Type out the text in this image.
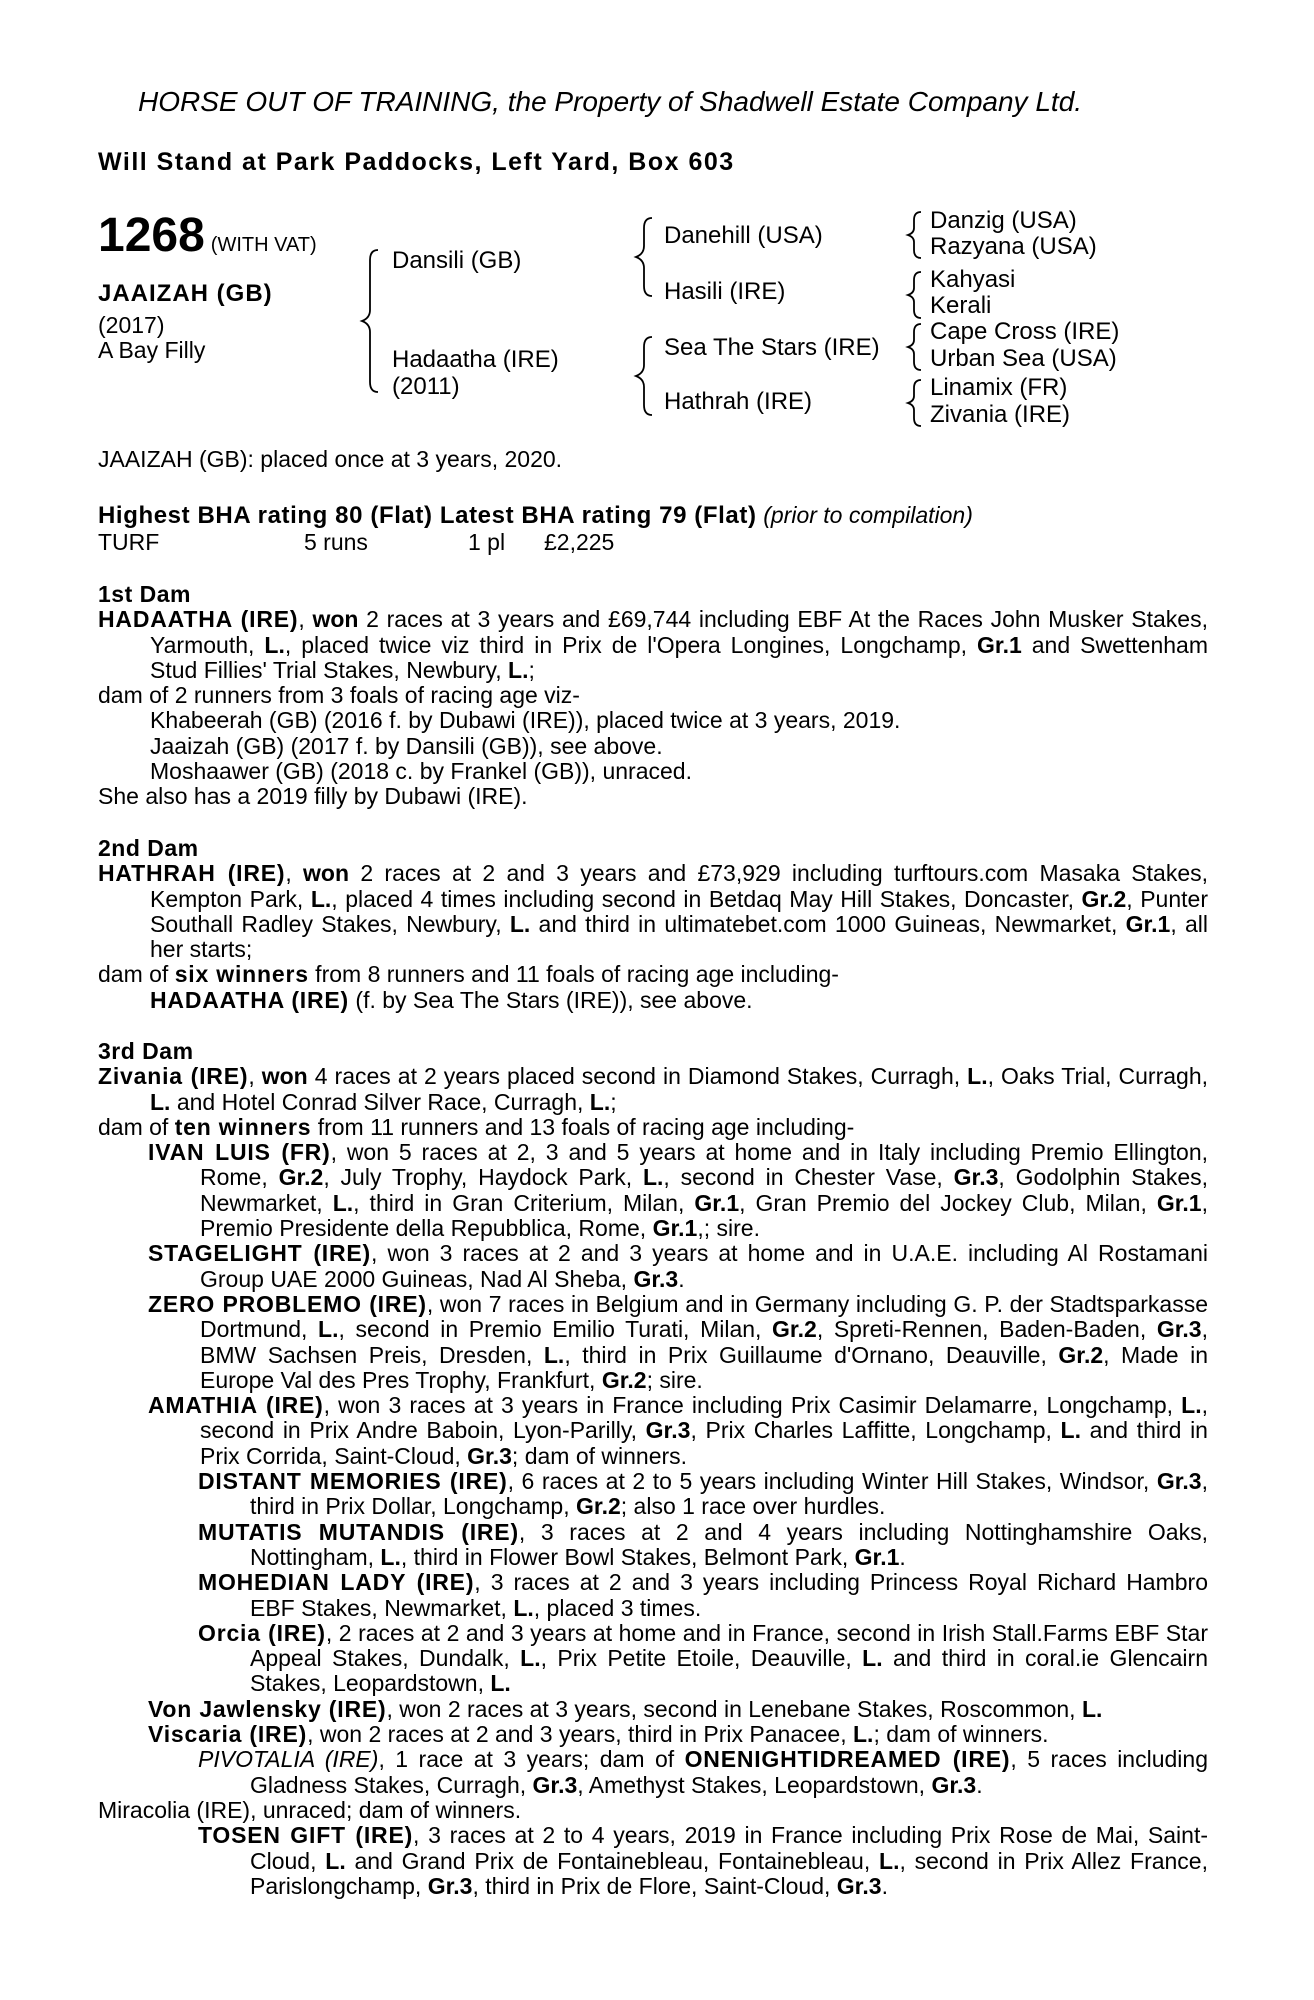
HORSE OUT OF TRAINING, the Property of Shadwell Estate Company Ltd.
Will Stand at Park Paddocks, Left Yard, Box 603
1268 (WITH VAT)
JAAIZAH (GB)
(2017)
A Bay Filly
Dansili (GB)
Hadaatha (IRE)
(2011)
Danehill (USA)
Hasili (IRE)
Sea The Stars (IRE)
Hathrah (IRE)
Danzig (USA)
Razyana (USA)
Kahyasi
Kerali
Cape Cross (IRE)
Urban Sea (USA)
Linamix (FR)
Zivania (IRE)
JAAIZAH (GB): placed once at 3 years, 2020.
Highest BHA rating 80 (Flat) Latest BHA rating 79 (Flat) (prior to compilation)
TURF	5 runs	1 pl £2,225
1st Dam

HADAATHA (IRE), won 2 races at 3 years and £69,744 including EBF At the Races John Musker Stakes, Yarmouth, L., placed twice viz third in Prix de l'Opera Longines, Longchamp, Gr.1 and Swettenham Stud Fillies' Trial Stakes, Newbury, L.;

dam of 2 runners from 3 foals of racing age viz-

Khabeerah (GB) (2016 f. by Dubawi (IRE)), placed twice at 3 years, 2019.

Jaaizah (GB) (2017 f. by Dansili (GB)), see above.

Moshaawer (GB) (2018 c. by Frankel (GB)), unraced.

She also has a 2019 filly by Dubawi (IRE).

2nd Dam

HATHRAH (IRE), won 2 races at 2 and 3 years and £73,929 including turftours.com Masaka Stakes, Kempton Park, L., placed 4 times including second in Betdaq May Hill Stakes, Doncaster, Gr.2, Punter Southall Radley Stakes, Newbury, L. and third in ultimatebet.com 1000 Guineas, Newmarket, Gr.1, all her starts;

dam of six winners from 8 runners and 11 foals of racing age including-

HADAATHA (IRE) (f. by Sea The Stars (IRE)), see above.

3rd Dam

Zivania (IRE), won 4 races at 2 years placed second in Diamond Stakes, Curragh, L., Oaks Trial, Curragh, L. and Hotel Conrad Silver Race, Curragh, L.;

dam of ten winners from 11 runners and 13 foals of racing age including-

IVAN LUIS (FR), won 5 races at 2, 3 and 5 years at home and in Italy including Premio Ellington, Rome, Gr.2, July Trophy, Haydock Park, L., second in Chester Vase, Gr.3, Godolphin Stakes, Newmarket, L., third in Gran Criterium, Milan, Gr.1, Gran Premio del Jockey Club, Milan, Gr.1, Premio Presidente della Repubblica, Rome, Gr.1,; sire.

STAGELIGHT (IRE), won 3 races at 2 and 3 years at home and in U.A.E. including Al Rostamani Group UAE 2000 Guineas, Nad Al Sheba, Gr.3.

ZERO PROBLEMO (IRE), won 7 races in Belgium and in Germany including G. P. der Stadtsparkasse Dortmund, L., second in Premio Emilio Turati, Milan, Gr.2, Spreti-Rennen, Baden-Baden, Gr.3, BMW Sachsen Preis, Dresden, L., third in Prix Guillaume d'Ornano, Deauville, Gr.2, Made in Europe Val des Pres Trophy, Frankfurt, Gr.2; sire.

AMATHIA (IRE), won 3 races at 3 years in France including Prix Casimir Delamarre, Longchamp, L., second in Prix Andre Baboin, Lyon-Parilly, Gr.3, Prix Charles Laffitte, Longchamp, L. and third in Prix Corrida, Saint-Cloud, Gr.3; dam of winners.

DISTANT MEMORIES (IRE), 6 races at 2 to 5 years including Winter Hill Stakes, Windsor, Gr.3, third in Prix Dollar, Longchamp, Gr.2; also 1 race over hurdles.

MUTATIS MUTANDIS (IRE), 3 races at 2 and 4 years including Nottinghamshire Oaks, Nottingham, L., third in Flower Bowl Stakes, Belmont Park, Gr.1.

MOHEDIAN LADY (IRE), 3 races at 2 and 3 years including Princess Royal Richard Hambro EBF Stakes, Newmarket, L., placed 3 times.

Orcia (IRE), 2 races at 2 and 3 years at home and in France, second in Irish Stall.Farms EBF Star Appeal Stakes, Dundalk, L., Prix Petite Etoile, Deauville, L. and third in coral.ie Glencairn Stakes, Leopardstown, L.

Von Jawlensky (IRE), won 2 races at 3 years, second in Lenebane Stakes, Roscommon, L.

Viscaria (IRE), won 2 races at 2 and 3 years, third in Prix Panacee, L.; dam of winners.

PIVOTALIA (IRE), 1 race at 3 years; dam of ONENIGHTIDREAMED (IRE), 5 races including Gladness Stakes, Curragh, Gr.3, Amethyst Stakes, Leopardstown, Gr.3.

Miracolia (IRE), unraced; dam of winners.

TOSEN GIFT (IRE), 3 races at 2 to 4 years, 2019 in France including Prix Rose de Mai, Saint-Cloud, L. and Grand Prix de Fontainebleau, Fontainebleau, L., second in Prix Allez France, Parislongchamp, Gr.3, third in Prix de Flore, Saint-Cloud, Gr.3.
